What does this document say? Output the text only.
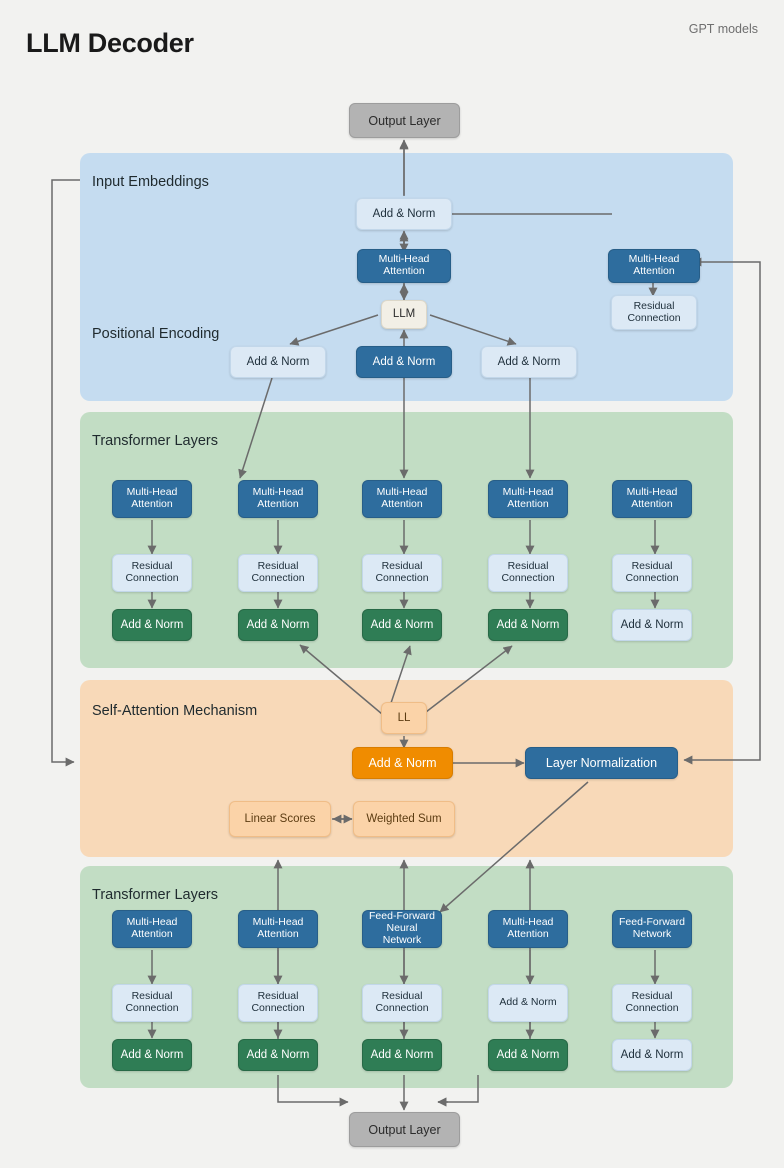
LLM Decoder	GPT models
Input Embeddings
Positional Encoding
Transformer Layers
Self-Attention Mechanism
Transformer Layers
Output Layer
Add & Norm
Multi-Head Attention
Multi-Head Attention
Residual Connection
LLM
Add & Norm	Add & Norm	Add & Norm
Multi-Head Attention
Residual Connection
Add & Norm
Multi-Head Attention
Residual Connection
Add & Norm
Multi-Head Attention
Residual Connection
Add & Norm
Multi-Head Attention
Residual Connection
Add & Norm
Multi-Head Attention
Residual Connection
Add & Norm
LL
Add & Norm	Layer Normalization
Linear Scores	Weighted Sum
Multi-Head Attention
Residual Connection
Add & Norm
Multi-Head Attention
Residual Connection
Add & Norm
Feed-Forward Neural Network
Residual Connection
Add & Norm
Multi-Head Attention
Add & Norm
Add & Norm
Feed-Forward Network
Residual Connection
Add & Norm
Output Layer
